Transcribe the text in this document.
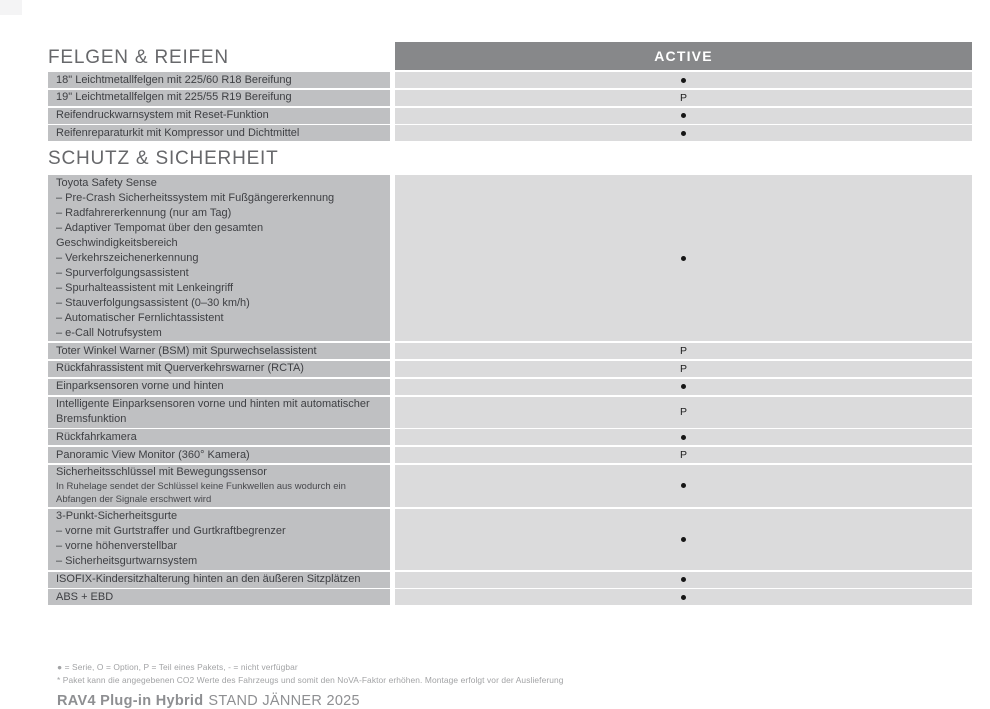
FELGEN & REIFEN	ACTIVE
18" Leichtmetallfelgen mit 225/60 R18 Bereifung
19" Leichtmetallfelgen mit 225/55 R19 Bereifung	P
Reifendruckwarnsystem mit Reset-Funktion
Reifenreparaturkit mit Kompressor und Dichtmittel
SCHUTZ & SICHERHEIT
Toyota Safety Sense
– Pre-Crash Sicherheitssystem mit Fußgängererkennung
– Radfahrererkennung (nur am Tag)
– Adaptiver Tempomat über den gesamten
Geschwindigkeitsbereich
– Verkehrszeichenerkennung
– Spurverfolgungsassistent
– Spurhalteassistent mit Lenkeingriff
– Stauverfolgungsassistent (0–30 km/h)
– Automatischer Fernlichtassistent
– e-Call Notrufsystem
Toter Winkel Warner (BSM) mit Spurwechselassistent	P
Rückfahrassistent mit Querverkehrswarner (RCTA)	P
Einparksensoren vorne und hinten
Intelligente Einparksensoren vorne und hinten mit automatischer
Bremsfunktion
P
Rückfahrkamera
Panoramic View Monitor (360° Kamera)	P
Sicherheitsschlüssel mit Bewegungssensor
In Ruhelage sendet der Schlüssel keine Funkwellen aus wodurch ein
Abfangen der Signale erschwert wird
3-Punkt-Sicherheitsgurte
– vorne mit Gurtstraffer und Gurtkraftbegrenzer
– vorne höhenverstellbar
– Sicherheitsgurtwarnsystem
ISOFIX-Kindersitzhalterung hinten an den äußeren Sitzplätzen
ABS + EBD
● = Serie, O = Option, P = Teil eines Pakets, - = nicht verfügbar
* Paket kann die angegebenen CO2 Werte des Fahrzeugs und somit den NoVA-Faktor erhöhen. Montage erfolgt vor der Auslieferung
RAV4 Plug-in Hybrid STAND JÄNNER 2025
